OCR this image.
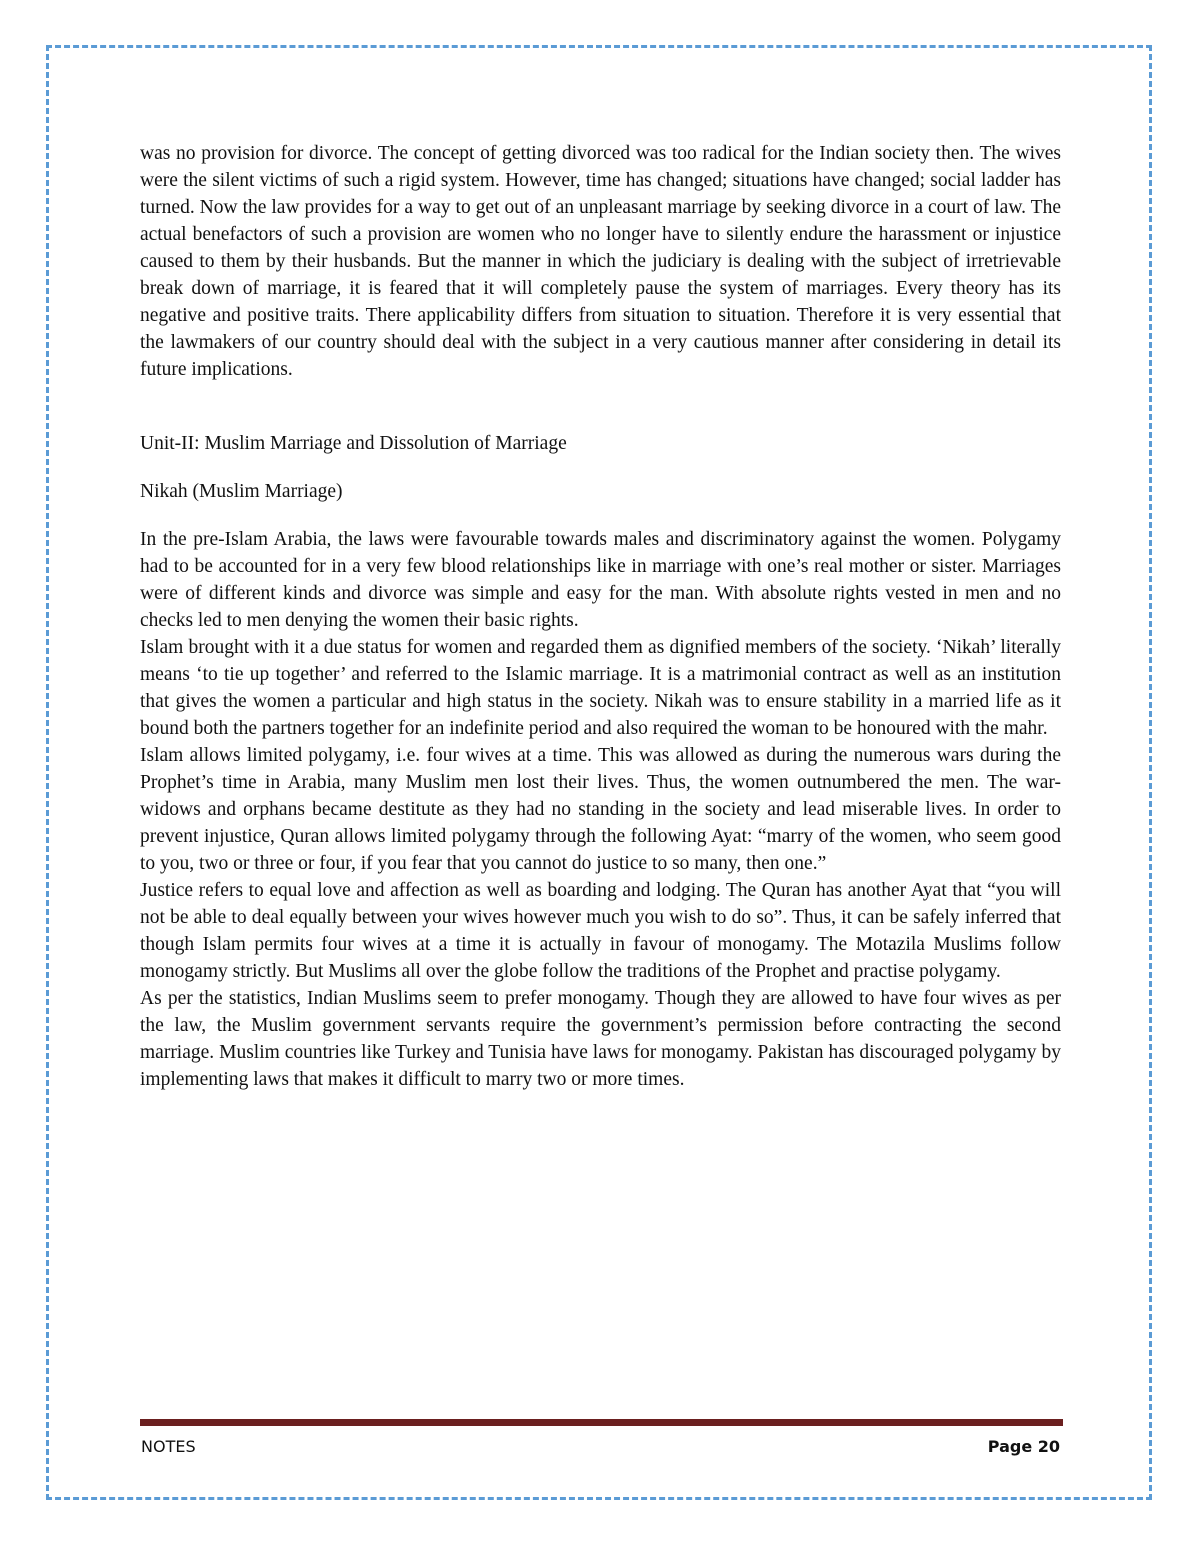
was no provision for divorce. The concept of getting divorced was too radical for the Indian society then. The wives were the silent victims of such a rigid system. However, time has changed; situations have changed; social ladder has turned. Now the law provides for a way to get out of an unpleasant marriage by seeking divorce in a court of law. The actual benefactors of such a provision are women who no longer have to silently endure the harassment or injustice caused to them by their husbands. But the manner in which the judiciary is dealing with the subject of irretrievable break down of marriage, it is feared that it will completely pause the system of marriages. Every theory has its negative and positive traits. There applicability differs from situation to situation. Therefore it is very essential that the lawmakers of our country should deal with the subject in a very cautious manner after considering in detail its future implications.

Unit-II: Muslim Marriage and Dissolution of Marriage

Nikah (Muslim Marriage)

In the pre-Islam Arabia, the laws were favourable towards males and discriminatory against the women. Polygamy had to be accounted for in a very few blood relationships like in marriage with one’s real mother or sister. Marriages were of different kinds and divorce was simple and easy for the man. With absolute rights vested in men and no checks led to men denying the women their basic rights.

Islam brought with it a due status for women and regarded them as dignified members of the society. ‘Nikah’ literally means ‘to tie up together’ and referred to the Islamic marriage. It is a matrimonial contract as well as an institution that gives the women a particular and high status in the society. Nikah was to ensure stability in a married life as it bound both the partners together for an indefinite period and also required the woman to be honoured with the mahr.

Islam allows limited polygamy, i.e. four wives at a time. This was allowed as during the numerous wars during the Prophet’s time in Arabia, many Muslim men lost their lives. Thus, the women outnumbered the men. The war-widows and orphans became destitute as they had no standing in the society and lead miserable lives. In order to prevent injustice, Quran allows limited polygamy through the following Ayat: “marry of the women, who seem good to you, two or three or four, if you fear that you cannot do justice to so many, then one.”

Justice refers to equal love and affection as well as boarding and lodging. The Quran has another Ayat that “you will not be able to deal equally between your wives however much you wish to do so”. Thus, it can be safely inferred that though Islam permits four wives at a time it is actually in favour of monogamy. The Motazila Muslims follow monogamy strictly. But Muslims all over the globe follow the traditions of the Prophet and practise polygamy.

As per the statistics, Indian Muslims seem to prefer monogamy. Though they are allowed to have four wives as per the law, the Muslim government servants require the government’s permission before contracting the second marriage. Muslim countries like Turkey and Tunisia have laws for monogamy. Pakistan has discouraged polygamy by implementing laws that makes it difficult to marry two or more times.

NOTES	Page 20
